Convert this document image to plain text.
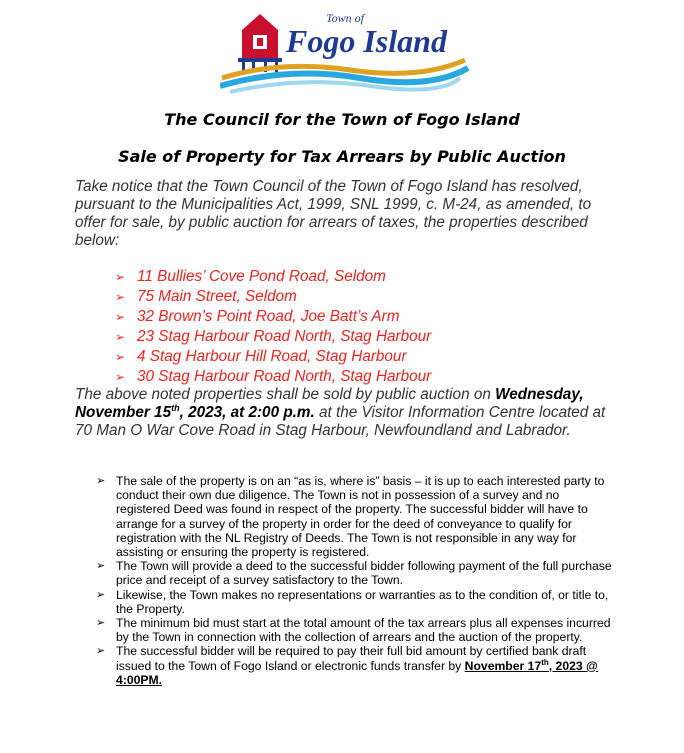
Town of
Fogo Island
The Council for the Town of Fogo Island
Sale of Property for Tax Arrears by Public Auction

Take notice that the Town Council of the Town of Fogo Island has resolved, pursuant to the Municipalities Act, 1999, SNL 1999, c. M-24, as amended, to offer for sale, by public auction for arrears of taxes, the properties described below:

➢ 11 Bullies’ Cove Pond Road, Seldom
➢ 75 Main Street, Seldom
➢ 32 Brown’s Point Road, Joe Batt’s Arm
➢ 23 Stag Harbour Road North, Stag Harbour
➢ 4 Stag Harbour Hill Road, Stag Harbour
➢ 30 Stag Harbour Road North, Stag Harbour

The above noted properties shall be sold by public auction on Wednesday, November 15th, 2023, at 2:00 p.m. at the Visitor Information Centre located at 70 Man O War Cove Road in Stag Harbour, Newfoundland and Labrador.

➢ The sale of the property is on an “as is, where is” basis – it is up to each interested party to conduct their own due diligence. The Town is not in possession of a survey and no registered Deed was found in respect of the property. The successful bidder will have to arrange for a survey of the property in order for the deed of conveyance to qualify for registration with the NL Registry of Deeds. The Town is not responsible in any way for assisting or ensuring the property is registered.
➢ The Town will provide a deed to the successful bidder following payment of the full purchase price and receipt of a survey satisfactory to the Town.
➢ Likewise, the Town makes no representations or warranties as to the condition of, or title to, the Property.
➢ The minimum bid must start at the total amount of the tax arrears plus all expenses incurred by the Town in connection with the collection of arrears and the auction of the property.
➢ The successful bidder will be required to pay their full bid amount by certified bank draft issued to the Town of Fogo Island or electronic funds transfer by November 17th, 2023 @ 4:00PM.
